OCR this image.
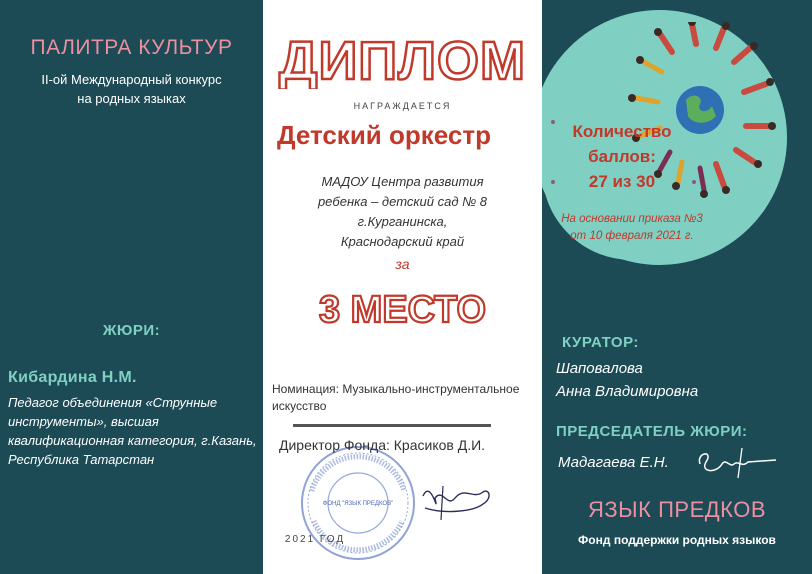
ПАЛИТРА КУЛЬТУР
II-ой Международный конкурс
на родных языках
ЖЮРИ:
Кибардина Н.М.
Педагог объединения «Струнные инструменты», высшая квалификационная категория, г.Казань, Республика Татарстан
ДИПЛОМ
НАГРАЖДАЕТСЯ
Детский оркестр
МАДОУ Центра развития
ребенка – детский сад № 8
г.Курганинска,
Краснодарский край
за
3 МЕСТО
Номинация: Музыкально-инструментальное искусство
ФОНД "ЯЗЫК ПРЕДКОВ"
Директор Фонда: Красиков Д.И.
2021 ГОД
Количество
баллов:
27 из 30
На основании приказа №3
от 10 февраля 2021 г.
КУРАТОР:
Шаповалова
Анна Владимировна
ПРЕДСЕДАТЕЛЬ ЖЮРИ:
Мадагаева Е.Н.
ЯЗЫК ПРЕДКОВ
Фонд поддержки родных языков
